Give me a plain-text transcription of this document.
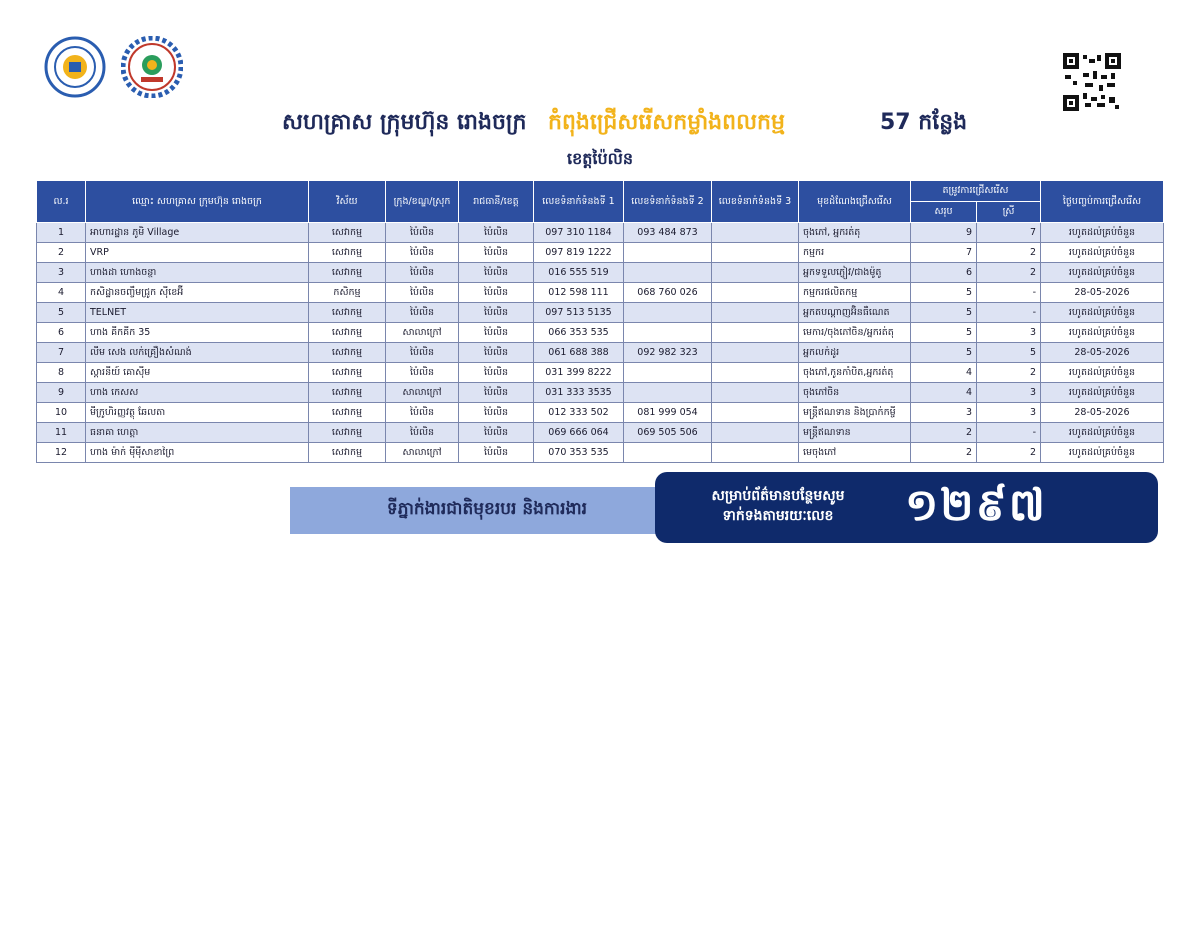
សហគ្រាស ក្រុមហ៊ុន រោងចក្រ កំពុងជ្រើសរើសកម្លាំងពលកម្ម	57 កន្លែង
ខេត្តប៉ៃលិន
ល.រ	ឈ្មោះ សហគ្រាស ក្រុមហ៊ុន រោងចក្រ	វិស័យ	ក្រុង/ខណ្ឌ/ស្រុក	រាជធានី/ខេត្ត	លេខទំនាក់ទំនងទី 1	លេខទំនាក់ទំនងទី 2	លេខទំនាក់ទំនងទី 3	មុខដំណែងជ្រើសរើស	តម្រូវការជ្រើសរើស		ថ្ងៃបញ្ចប់ការជ្រើសរើស
									សរុប	ស្រី	
1	អាហារដ្ឋាន ភូមិ Village	សេវាកម្ម	ប៉ៃលិន	ប៉ៃលិន	097 310 1184	093 484 873		ចុងភៅ, អ្នករត់តុ	9	7	រហូតដល់គ្រប់ចំនួន
2	VRP	សេវាកម្ម	ប៉ៃលិន	ប៉ៃលិន	097 819 1222			កម្មករ	7	2	រហូតដល់គ្រប់ចំនួន
3	ហាងដា ហោងចន្ថា	សេវាកម្ម	ប៉ៃលិន	ប៉ៃលិន	016 555 519			អ្នកទទួលភ្ញៀវ/ជាងម៉ូតូ	6	2	រហូតដល់គ្រប់ចំនួន
4	កសិដ្ឋានចញ្ចឹមជ្រូក ស៊ីខេអ៊ី	កសិកម្ម	ប៉ៃលិន	ប៉ៃលិន	012 598 111	068 760 026		កម្មករផលិតកម្ម	5	-	28-05-2026
5	TELNET	សេវាកម្ម	ប៉ៃលិន	ប៉ៃលិន	097 513 5135			អ្នកតបណ្តាញអ៊ិនធឺណេត	5	-	រហូតដល់គ្រប់ចំនួន
6	ហាង គីកគីក 35	សេវាកម្ម	សាលាក្រៅ	ប៉ៃលិន	066 353 535			មេការ/ចុងភៅចិន/អ្នករត់តុ	5	3	រហូតដល់គ្រប់ចំនួន
7	លីម សេង លក់គ្រឿងសំណង់	សេវាកម្ម	ប៉ៃលិន	ប៉ៃលិន	061 688 388	092 982 323		អ្នកលក់ដូរ	5	5	28-05-2026
8	ស្តារនីយ៍ គោស៊ីម	សេវាកម្ម	ប៉ៃលិន	ប៉ៃលិន	031 399 8222			ចុងភៅ,កូនកាំបិត,អ្នករត់តុ	4	2	រហូតដល់គ្រប់ចំនួន
9	ហាង កេសស	សេវាកម្ម	សាលាក្រៅ	ប៉ៃលិន	031 333 3535			ចុងភៅចិន	4	3	រហូតដល់គ្រប់ចំនួន
10	មីក្រូហិរញ្ញវត្ថុ ឆែលតា	សេវាកម្ម	ប៉ៃលិន	ប៉ៃលិន	012 333 502	081 999 054		មន្ត្រីឥណទាន និងប្រាក់កម្ចី	3	3	28-05-2026
11	ធនាគា ហេត្តា	សេវាកម្ម	ប៉ៃលិន	ប៉ៃលិន	069 666 064	069 505 506		មន្ត្រីឥណទាន	2	-	រហូតដល់គ្រប់ចំនួន
12	ហាង ម៉ាក់ ម៉ីម៉ីសាខាព្រៃ	សេវាកម្ម	សាលាក្រៅ	ប៉ៃលិន	070 353 535			មេចុងភៅ	2	2	រហូតដល់គ្រប់ចំនួន
ទីភ្នាក់ងារជាតិមុខរបរ និងការងារ
សម្រាប់ព័ត៌មានបន្ថែមសូម
ទាក់ទងតាមរយៈលេខ	១២៩៧
